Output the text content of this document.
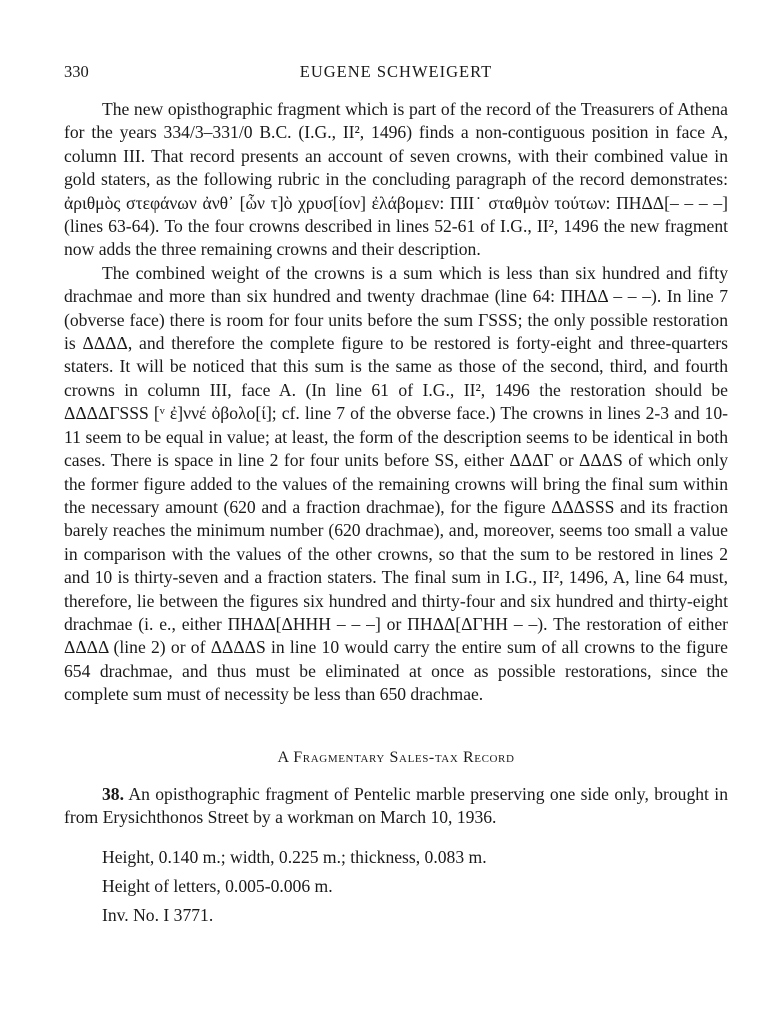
330	EUGENE SCHWEIGERT

The new opisthographic fragment which is part of the record of the Treasurers of Athena for the years 334/3–331/0 B.C. (I.G., II², 1496) finds a non-contiguous position in face A, column III. That record presents an account of seven crowns, with their combined value in gold staters, as the following rubric in the concluding paragraph of the record demonstrates: ἀριθμὸς στεφάνων ἀνθ᾽ [ὧν τ]ὸ χρυσ[ίον] ἐλάβομεν: ΠΙΙ˙ σταθμὸν τούτων: ΠΗΔΔ[– – – –] (lines 63-64). To the four crowns described in lines 52-61 of I.G., II², 1496 the new fragment now adds the three remaining crowns and their description.

The combined weight of the crowns is a sum which is less than six hundred and fifty drachmae and more than six hundred and twenty drachmae (line 64: ΠΗΔΔ – – –). In line 7 (obverse face) there is room for four units before the sum ΓSSS; the only possible restoration is ΔΔΔΔ, and therefore the complete figure to be restored is forty-eight and three-quarters staters. It will be noticed that this sum is the same as those of the second, third, and fourth crowns in column III, face A. (In line 61 of I.G., II², 1496 the restoration should be ΔΔΔΔΓSSS [ᵛ ἐ]ννέ ὀβολο[ί]; cf. line 7 of the obverse face.) The crowns in lines 2-3 and 10-11 seem to be equal in value; at least, the form of the description seems to be identical in both cases. There is space in line 2 for four units before SS, either ΔΔΔΓ or ΔΔΔS of which only the former figure added to the values of the remaining crowns will bring the final sum within the necessary amount (620 and a fraction drachmae), for the figure ΔΔΔSSS and its fraction barely reaches the minimum number (620 drachmae), and, moreover, seems too small a value in comparison with the values of the other crowns, so that the sum to be restored in lines 2 and 10 is thirty-seven and a fraction staters. The final sum in I.G., II², 1496, A, line 64 must, therefore, lie between the figures six hundred and thirty-four and six hundred and thirty-eight drachmae (i. e., either ΠΗΔΔ[ΔΗΗΗ – – –] or ΠΗΔΔ[ΔΓΗΗ – –). The restoration of either ΔΔΔΔ (line 2) or of ΔΔΔΔS in line 10 would carry the entire sum of all crowns to the figure 654 drachmae, and thus must be eliminated at once as possible restorations, since the complete sum must of necessity be less than 650 drachmae.

A Fragmentary Sales-tax Record

38. An opisthographic fragment of Pentelic marble preserving one side only, brought in from Erysichthonos Street by a workman on March 10, 1936.

Height, 0.140 m.; width, 0.225 m.; thickness, 0.083 m.
Height of letters, 0.005-0.006 m.
Inv. No. I 3771.
